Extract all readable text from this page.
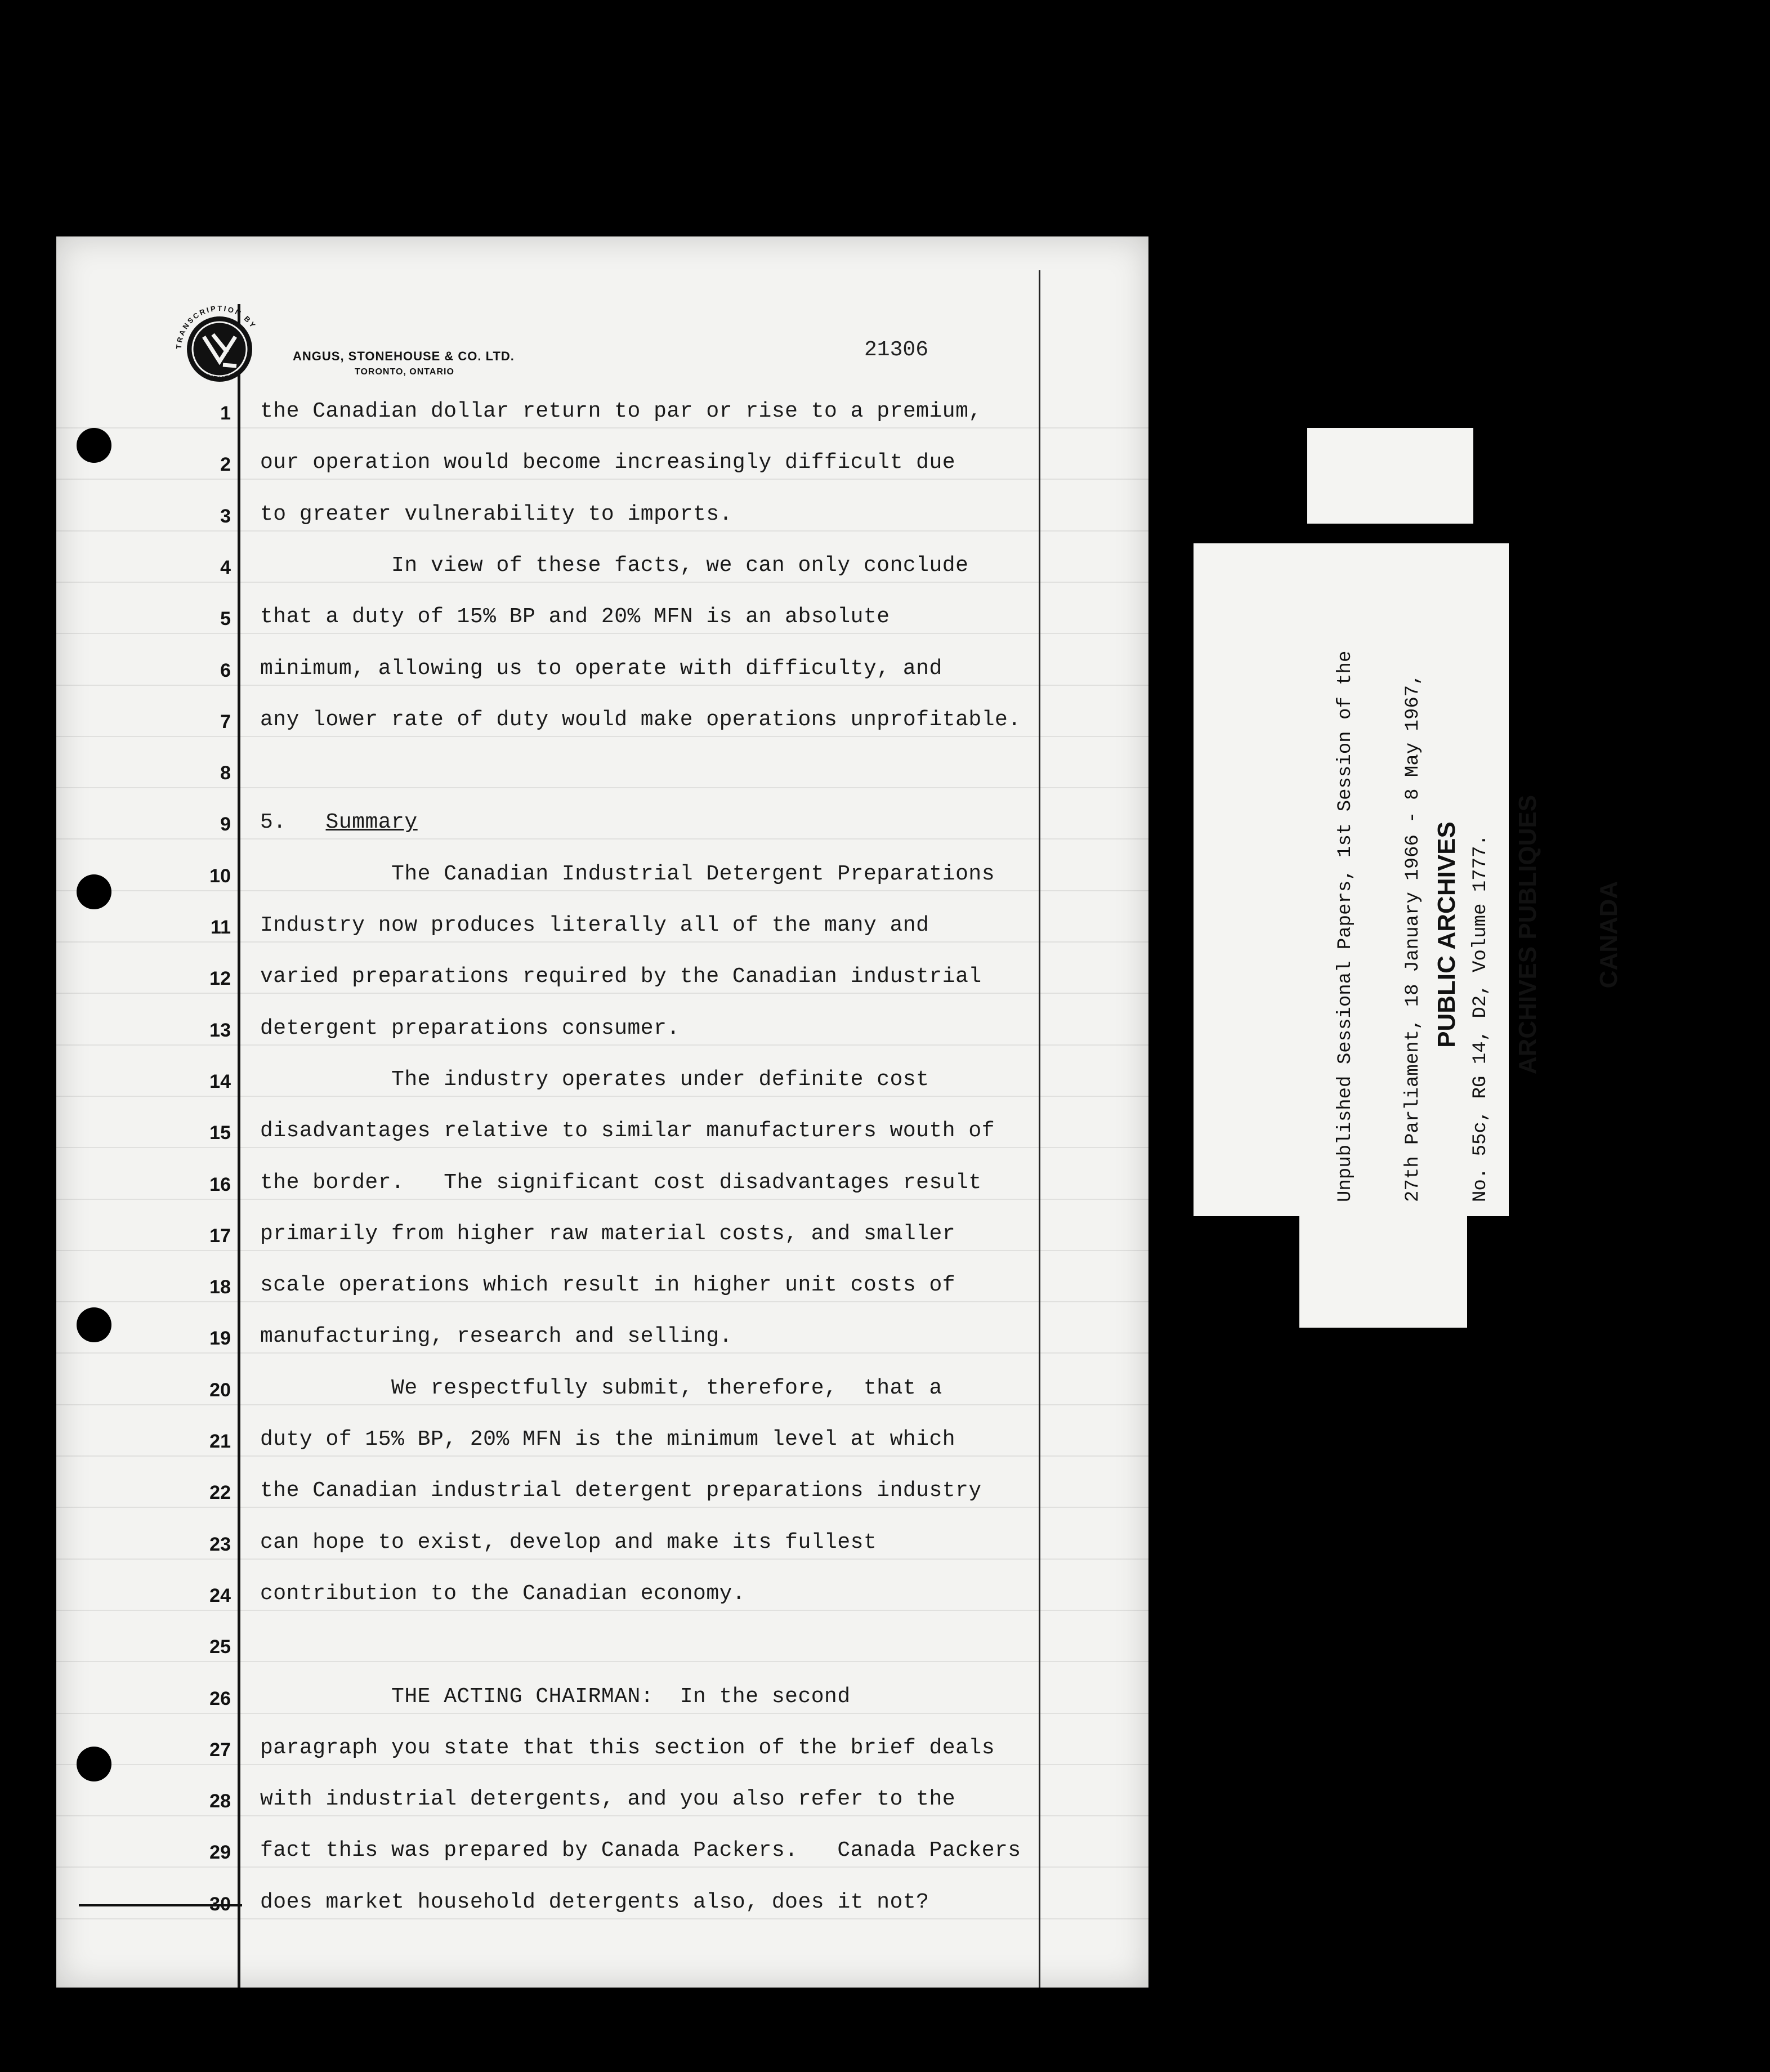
TRANSCRIPTION BY
MEMBER
ANGUS, STONEHOUSE & CO. LTD.
TORONTO, ONTARIO
21306
1 the Canadian dollar return to par or rise to a premium,
2 our operation would become increasingly difficult due
3 to greater vulnerability to imports.
4 In view of these facts, we can only conclude
5 that a duty of 15% BP and 20% MFN is an absolute
6 minimum, allowing us to operate with difficulty, and
7 any lower rate of duty would make operations unprofitable.
8
9 5.   Summary
10 The Canadian Industrial Detergent Preparations
11 Industry now produces literally all of the many and
12 varied preparations required by the Canadian industrial
13 detergent preparations consumer.
14 The industry operates under definite cost
15 disadvantages relative to similar manufacturers wouth of
16 the border.   The significant cost disadvantages result
17 primarily from higher raw material costs, and smaller
18 scale operations which result in higher unit costs of
19 manufacturing, research and selling.
20 We respectfully submit, therefore,  that a
21 duty of 15% BP, 20% MFN is the minimum level at which
22 the Canadian industrial detergent preparations industry
23 can hope to exist, develop and make its fullest
24 contribution to the Canadian economy.
25
26 THE ACTING CHAIRMAN:  In the second
27 paragraph you state that this section of the brief deals
28 with industrial detergents, and you also refer to the
29 fact this was prepared by Canada Packers.   Canada Packers
30 does market household detergents also, does it not?

Unpublished Sessional Papers, 1st Session of the

27th Parliament, 18 January 1966 - 8 May 1967,

No. 55c, RG 14, D2, Volume 1777.

PUBLIC ARCHIVES

ARCHIVES PUBLIQUES

CANADA
